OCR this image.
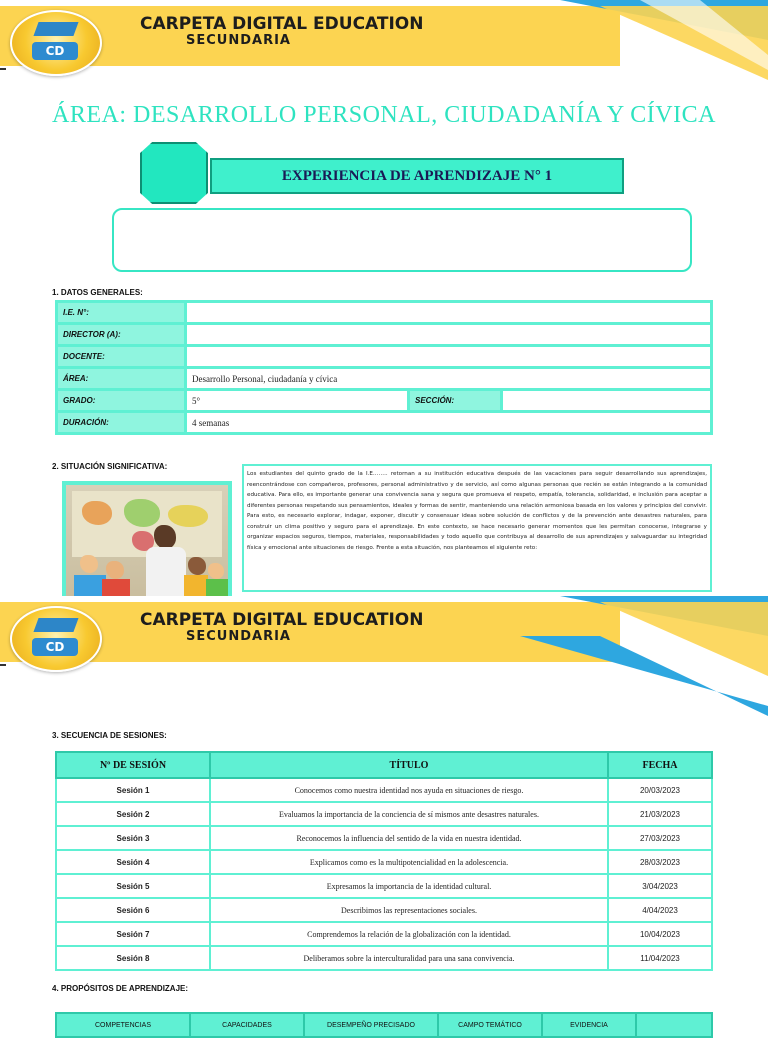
CD
CARPETA DIGITAL EDUCATION
SECUNDARIA
ÁREA: DESARROLLO PERSONAL, CIUDADANÍA Y CÍVICA
EXPERIENCIA DE APRENDIZAJE N° 1
1. DATOS GENERALES:
I.E. N°:			
DIRECTOR (A):			
DOCENTE:			
ÁREA:	Desarrollo Personal, ciudadanía y cívica		
GRADO:	5°	SECCIÓN:	
DURACIÓN:	4 semanas		
2. SITUACIÓN SIGNIFICATIVA:
Los estudiantes del quinto grado de la I.E…….. retornan a su institución educativa después de las vacaciones para seguir desarrollando sus aprendizajes, reencontrándose con compañeros, profesores, personal administrativo y de servicio, así como algunas personas que recién se están integrando a la comunidad educativa. Para ello, es importante generar una convivencia sana y segura que promueva el respeto, empatía, tolerancia, solidaridad, e inclusión para aceptar a diferentes personas respetando sus pensamientos, ideales y formas de sentir, manteniendo una relación armoniosa basada en los valores y principios del convivir. Para esto, es necesario explorar, indagar, exponer, discutir y consensuar ideas sobre solución de conflictos y de la prevención ante desastres naturales, para construir un clima positivo y seguro para el aprendizaje. En este contexto, se hace necesario generar momentos que les permitan conocerse, integrarse y organizar espacios seguros, tiempos, materiales, responsabilidades y todo aquello que contribuya al desarrollo de sus aprendizajes y salvaguardar su integridad física y emocional ante situaciones de riesgo. Frente a esta situación, nos planteamos el siguiente reto:
CD
CARPETA DIGITAL EDUCATION
SECUNDARIA
3. SECUENCIA DE SESIONES:
Nº DE SESIÓN	TÍTULO	FECHA
Sesión 1	Conocemos como nuestra identidad nos ayuda en situaciones de riesgo.	20/03/2023
Sesión 2	Evaluamos la importancia de la conciencia de sí mismos ante desastres naturales.	21/03/2023
Sesión 3	Reconocemos la influencia del sentido de la vida en nuestra identidad.	27/03/2023
Sesión 4	Explicamos como es la multipotencialidad en la adolescencia.	28/03/2023
Sesión 5	Expresamos la importancia de la identidad cultural.	3/04/2023
Sesión 6	Describimos las representaciones sociales.	4/04/2023
Sesión 7	Comprendemos la relación de la globalización con la identidad.	10/04/2023
Sesión 8	Deliberamos sobre la interculturalidad para una sana convivencia.	11/04/2023
4. PROPÓSITOS DE APRENDIZAJE:
COMPETENCIAS	CAPACIDADES	DESEMPEÑO PRECISADO	CAMPO TEMÁTICO	EVIDENCIA	
